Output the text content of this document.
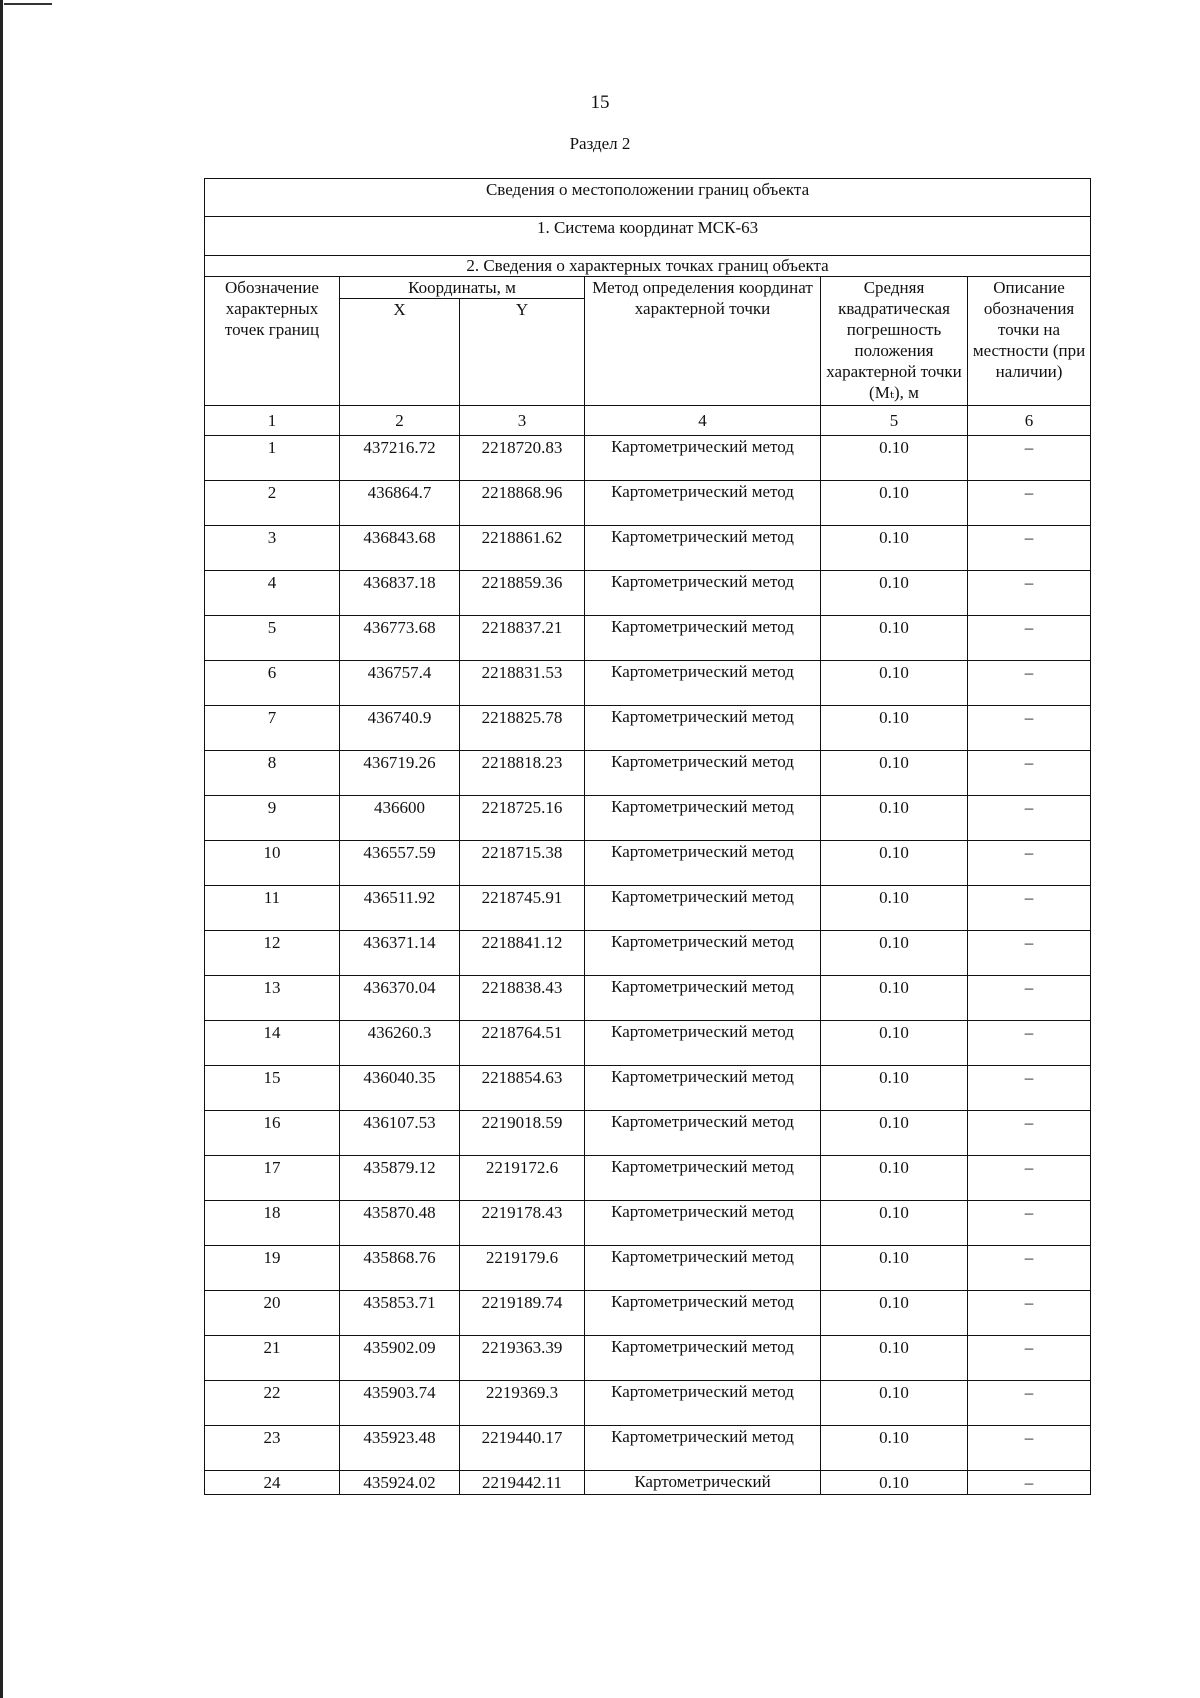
15
Раздел 2
Сведения о местоположении границ объекта					
1. Система координат МСК-63					
2. Сведения о характерных точках границ объекта					
Обозначение характерных точек границ	Координаты, м		Метод определения координат характерной точки	Средняя квадратическая погрешность положения характерной точки (Mₜ), м	Описание обозначения точки на местности (при наличии)
	X	Y			
1	2	3	4	5	6
1	437216.72	2218720.83	Картометрический метод	0.10	–
2	436864.7	2218868.96	Картометрический метод	0.10	–
3	436843.68	2218861.62	Картометрический метод	0.10	–
4	436837.18	2218859.36	Картометрический метод	0.10	–
5	436773.68	2218837.21	Картометрический метод	0.10	–
6	436757.4	2218831.53	Картометрический метод	0.10	–
7	436740.9	2218825.78	Картометрический метод	0.10	–
8	436719.26	2218818.23	Картометрический метод	0.10	–
9	436600	2218725.16	Картометрический метод	0.10	–
10	436557.59	2218715.38	Картометрический метод	0.10	–
11	436511.92	2218745.91	Картометрический метод	0.10	–
12	436371.14	2218841.12	Картометрический метод	0.10	–
13	436370.04	2218838.43	Картометрический метод	0.10	–
14	436260.3	2218764.51	Картометрический метод	0.10	–
15	436040.35	2218854.63	Картометрический метод	0.10	–
16	436107.53	2219018.59	Картометрический метод	0.10	–
17	435879.12	2219172.6	Картометрический метод	0.10	–
18	435870.48	2219178.43	Картометрический метод	0.10	–
19	435868.76	2219179.6	Картометрический метод	0.10	–
20	435853.71	2219189.74	Картометрический метод	0.10	–
21	435902.09	2219363.39	Картометрический метод	0.10	–
22	435903.74	2219369.3	Картометрический метод	0.10	–
23	435923.48	2219440.17	Картометрический метод	0.10	–
24	435924.02	2219442.11	Картометрический	0.10	–
